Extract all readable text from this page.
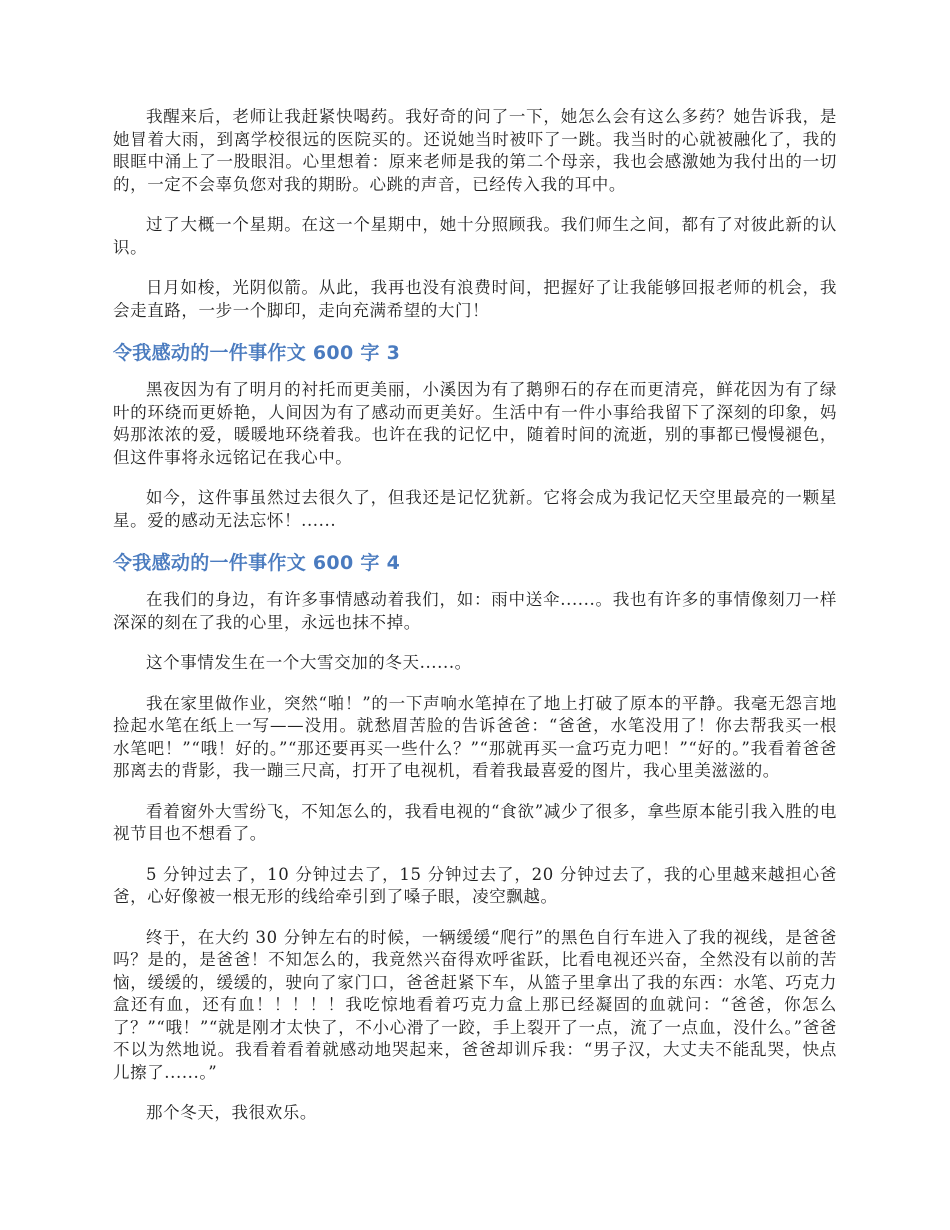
我醒来后，老师让我赶紧快喝药。我好奇的问了一下，她怎么会有这么多药？她告诉我，是她冒着大雨，到离学校很远的医院买的。还说她当时被吓了一跳。我当时的心就被融化了，我的眼眶中涌上了一股眼泪。心里想着：原来老师是我的第二个母亲，我也会感激她为我付出的一切的，一定不会辜负您对我的期盼。心跳的声音，已经传入我的耳中。

过了大概一个星期。在这一个星期中，她十分照顾我。我们师生之间，都有了对彼此新的认识。

日月如梭，光阴似箭。从此，我再也没有浪费时间，把握好了让我能够回报老师的机会，我会走直路，一步一个脚印，走向充满希望的大门！

令我感动的一件事作文 600 字 3

黑夜因为有了明月的衬托而更美丽，小溪因为有了鹅卵石的存在而更清亮，鲜花因为有了绿叶的环绕而更娇艳，人间因为有了感动而更美好。生活中有一件小事给我留下了深刻的印象，妈妈那浓浓的爱，暖暖地环绕着我。也许在我的记忆中，随着时间的流逝，别的事都已慢慢褪色，但这件事将永远铭记在我心中。

如今，这件事虽然过去很久了，但我还是记忆犹新。它将会成为我记忆天空里最亮的一颗星星。爱的感动无法忘怀！......

令我感动的一件事作文 600 字 4

在我们的身边，有许多事情感动着我们，如：雨中送伞......。我也有许多的事情像刻刀一样深深的刻在了我的心里，永远也抹不掉。

这个事情发生在一个大雪交加的冬天......。

我在家里做作业，突然“啪！”的一下声响水笔掉在了地上打破了原本的平静。我毫无怨言地捡起水笔在纸上一写——没用。就愁眉苦脸的告诉爸爸：“爸爸，水笔没用了！你去帮我买一根水笔吧！”“哦！好的。”“那还要再买一些什么？”“那就再买一盒巧克力吧！”“好的。”我看着爸爸那离去的背影，我一蹦三尺高，打开了电视机，看着我最喜爱的图片，我心里美滋滋的。

看着窗外大雪纷飞，不知怎么的，我看电视的“食欲”减少了很多，拿些原本能引我入胜的电视节目也不想看了。

5 分钟过去了，10 分钟过去了，15 分钟过去了，20 分钟过去了，我的心里越来越担心爸爸，心好像被一根无形的线给牵引到了嗓子眼，凌空飘越。

终于，在大约 30 分钟左右的时候，一辆缓缓“爬行”的黑色自行车进入了我的视线，是爸爸吗？是的，是爸爸！不知怎么的，我竟然兴奋得欢呼雀跃，比看电视还兴奋，全然没有以前的苦恼，缓缓的，缓缓的，驶向了家门口，爸爸赶紧下车，从篮子里拿出了我的东西：水笔、巧克力盒还有血，还有血！！！！！我吃惊地看着巧克力盒上那已经凝固的血就问：“爸爸，你怎么了？”“哦！”“就是刚才太快了，不小心滑了一跤，手上裂开了一点，流了一点血，没什么。”爸爸不以为然地说。我看着看着就感动地哭起来，爸爸却训斥我：“男子汉，大丈夫不能乱哭，快点儿擦了......。”

那个冬天，我很欢乐。
